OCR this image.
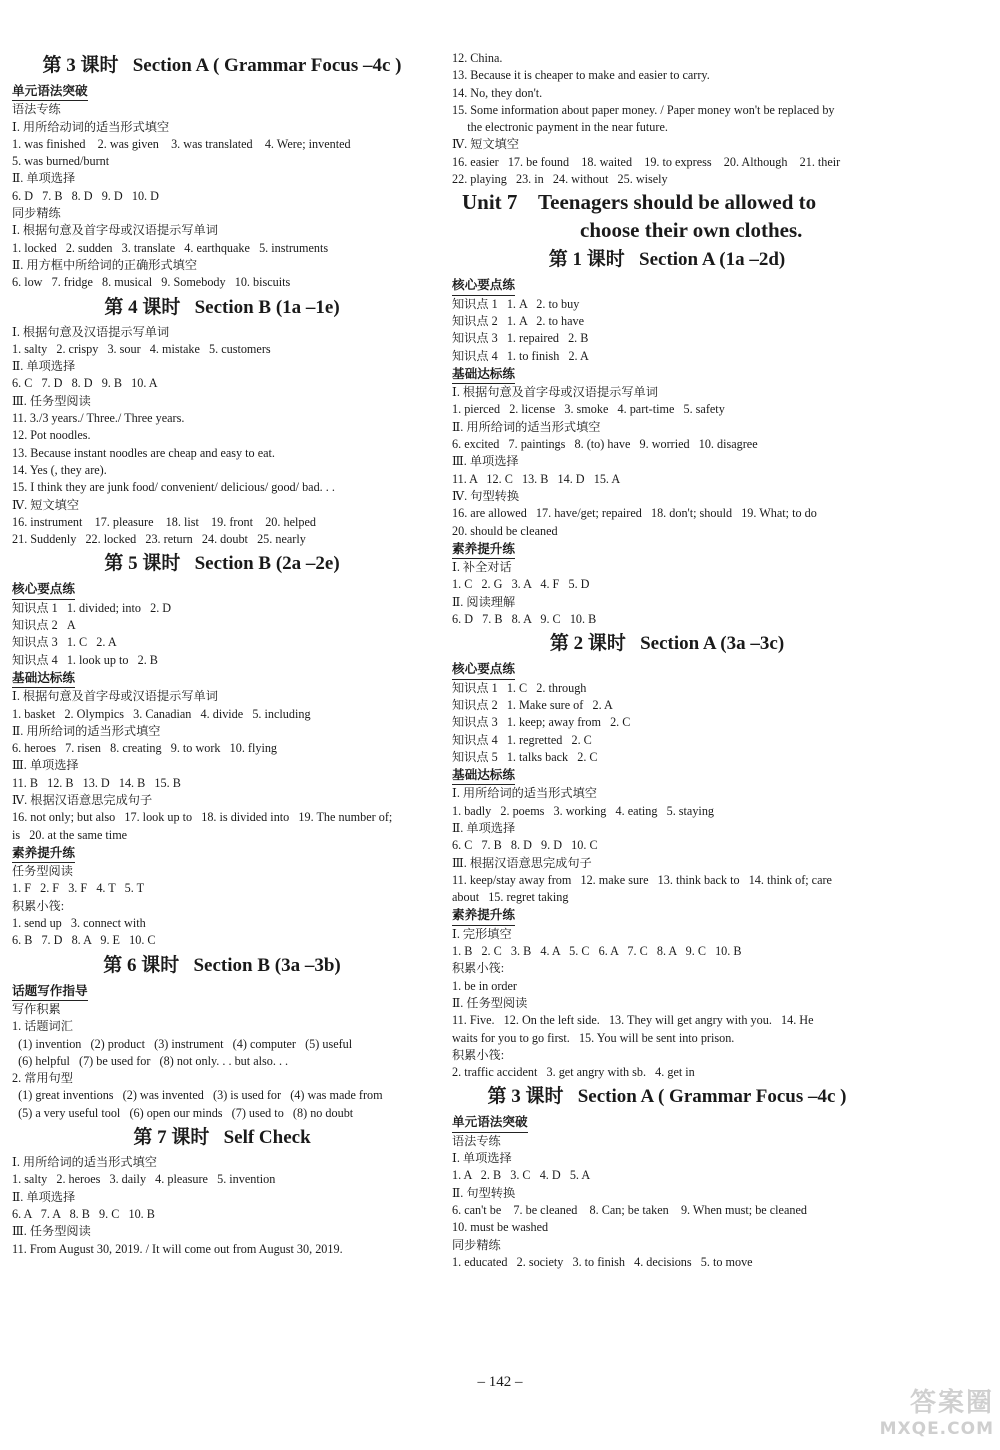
第 3 课时   Section A ( Grammar Focus –4c )
单元语法突破
语法专练
Ⅰ. 用所给动词的适当形式填空
1. was finished    2. was given    3. was translated    4. Were; invented
5. was burned/burnt
Ⅱ. 单项选择
6. D   7. B   8. D   9. D   10. D
同步精练
Ⅰ. 根据句意及首字母或汉语提示写单词
1. locked   2. sudden   3. translate   4. earthquake   5. instruments
Ⅱ. 用方框中所给词的正确形式填空
6. low   7. fridge   8. musical   9. Somebody   10. biscuits
第 4 课时   Section B (1a –1e)
Ⅰ. 根据句意及汉语提示写单词
1. salty   2. crispy   3. sour   4. mistake   5. customers
Ⅱ. 单项选择
6. C   7. D   8. D   9. B   10. A
Ⅲ. 任务型阅读
11. 3./3 years./ Three./ Three years.
12. Pot noodles.
13. Because instant noodles are cheap and easy to eat.
14. Yes (, they are).
15. I think they are junk food/ convenient/ delicious/ good/ bad. . .
Ⅳ. 短文填空
16. instrument    17. pleasure    18. list    19. front    20. helped
21. Suddenly   22. locked   23. return   24. doubt   25. nearly
第 5 课时   Section B (2a –2e)
核心要点练
知识点 1   1. divided; into   2. D
知识点 2   A
知识点 3   1. C   2. A
知识点 4   1. look up to   2. B
基础达标练
Ⅰ. 根据句意及首字母或汉语提示写单词
1. basket   2. Olympics   3. Canadian   4. divide   5. including
Ⅱ. 用所给词的适当形式填空
6. heroes   7. risen   8. creating   9. to work   10. flying
Ⅲ. 单项选择
11. B   12. B   13. D   14. B   15. B
Ⅳ. 根据汉语意思完成句子
16. not only; but also   17. look up to   18. is divided into   19. The number of;
is   20. at the same time
素养提升练
任务型阅读
1. F   2. F   3. F   4. T   5. T
积累小筏:
1. send up   3. connect with
6. B   7. D   8. A   9. E   10. C
第 6 课时   Section B (3a –3b)
话题写作指导
写作积累
1. 话题词汇
(1) invention   (2) product   (3) instrument   (4) computer   (5) useful
(6) helpful   (7) be used for   (8) not only. . . but also. . .
2. 常用句型
(1) great inventions   (2) was invented   (3) is used for   (4) was made from
(5) a very useful tool   (6) open our minds   (7) used to   (8) no doubt
第 7 课时   Self Check
Ⅰ. 用所给词的适当形式填空
1. salty   2. heroes   3. daily   4. pleasure   5. invention
Ⅱ. 单项选择
6. A   7. A   8. B   9. C   10. B
Ⅲ. 任务型阅读
11. From August 30, 2019. / It will come out from August 30, 2019.
12. China.
13. Because it is cheaper to make and easier to carry.
14. No, they don't.
15. Some information about paper money. / Paper money won't be replaced by
the electronic payment in the near future.
Ⅳ. 短文填空
16. easier   17. be found    18. waited    19. to express    20. Although    21. their
22. playing   23. in   24. without   25. wisely
Unit 7    Teenagers should be allowed to
choose their own clothes.
第 1 课时   Section A (1a –2d)
核心要点练
知识点 1   1. A   2. to buy
知识点 2   1. A   2. to have
知识点 3   1. repaired   2. B
知识点 4   1. to finish   2. A
基础达标练
Ⅰ. 根据句意及首字母或汉语提示写单词
1. pierced   2. license   3. smoke   4. part-time   5. safety
Ⅱ. 用所给词的适当形式填空
6. excited   7. paintings   8. (to) have   9. worried   10. disagree
Ⅲ. 单项选择
11. A   12. C   13. B   14. D   15. A
Ⅳ. 句型转换
16. are allowed   17. have/get; repaired   18. don't; should   19. What; to do
20. should be cleaned
素养提升练
Ⅰ. 补全对话
1. C   2. G   3. A   4. F   5. D
Ⅱ. 阅读理解
6. D   7. B   8. A   9. C   10. B
第 2 课时   Section A (3a –3c)
核心要点练
知识点 1   1. C   2. through
知识点 2   1. Make sure of   2. A
知识点 3   1. keep; away from   2. C
知识点 4   1. regretted   2. C
知识点 5   1. talks back   2. C
基础达标练
Ⅰ. 用所给词的适当形式填空
1. badly   2. poems   3. working   4. eating   5. staying
Ⅱ. 单项选择
6. C   7. B   8. D   9. D   10. C
Ⅲ. 根据汉语意思完成句子
11. keep/stay away from   12. make sure   13. think back to   14. think of; care
about   15. regret taking
素养提升练
Ⅰ. 完形填空
1. B   2. C   3. B   4. A   5. C   6. A   7. C   8. A   9. C   10. B
积累小筏:
1. be in order
Ⅱ. 任务型阅读
11. Five.   12. On the left side.   13. They will get angry with you.   14. He
waits for you to go first.   15. You will be sent into prison.
积累小筏:
2. traffic accident   3. get angry with sb.   4. get in
第 3 课时   Section A ( Grammar Focus –4c )
单元语法突破
语法专练
Ⅰ. 单项选择
1. A   2. B   3. C   4. D   5. A
Ⅱ. 句型转换
6. can't be    7. be cleaned    8. Can; be taken    9. When must; be cleaned
10. must be washed
同步精练
1. educated   2. society   3. to finish   4. decisions   5. to move
– 142 –
答案圈
MXQE.COM
